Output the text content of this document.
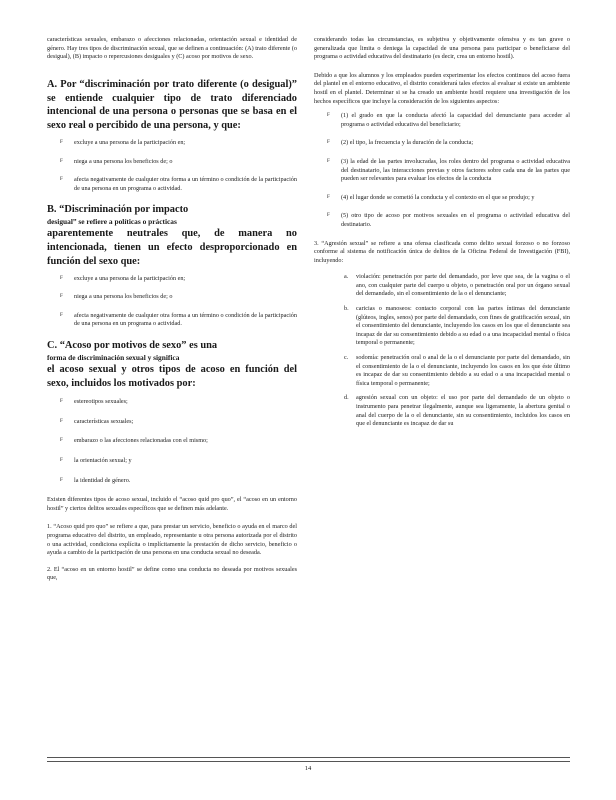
características sexuales, embarazo o afecciones relacionadas, orientación sexual e identidad de género. Hay tres tipos de discriminación sexual, que se definen a continuación: (A) trato diferente (o desigual), (B) impacto o repercusiones desiguales y (C) acoso por motivos de sexo.

A. Por “discriminación por trato diferente (o desigual)” se entiende cualquier tipo de trato diferenciado intencional de una persona o personas que se basa en el sexo real o percibido de una persona, y que:

F excluye a una persona de la participación en;
F niega a una persona los beneficios de; o
F afecta negativamente de cualquier otra forma a un término o condición de la participación de una persona en un programa o actividad.

B. “Discriminación por impacto

desigual” se refiere a políticas o prácticas

aparentemente neutrales que, de manera no intencionada, tienen un efecto desproporcionado en función del sexo que:

F excluye a una persona de la participación en;
F niega a una persona los beneficios de; o
F afecta negativamente de cualquier otra forma a un término o condición de la participación de una persona en un programa o actividad.

C. “Acoso por motivos de sexo” es una

forma de discriminación sexual y significa

el acoso sexual y otros tipos de acoso en función del sexo, incluidos los motivados por:

F estereotipos sexuales;
F características sexuales;
F embarazo o las afecciones relacionadas con el mismo;
F la orientación sexual; y
F la identidad de género.

Existen diferentes tipos de acoso sexual, incluido el “acoso quid pro quo”, el “acoso en un entorno hostil” y ciertos delitos sexuales específicos que se definen más adelante.

1. “Acoso quid pro quo” se refiere a que, para prestar un servicio, beneficio o ayuda en el marco del programa educativo del distrito, un empleado, representante u otra persona autorizada por el distrito o una actividad, condiciona explícita o implícitamente la prestación de dicho servicio, beneficio o ayuda a cambio de la participación de una persona en una conducta sexual no deseada.

2. El “acoso en un entorno hostil” se define como una conducta no deseada por motivos sexuales que,

considerando todas las circunstancias, es subjetiva y objetivamente ofensiva y es tan grave o generalizada que limita o deniega la capacidad de una persona para participar o beneficiarse del programa o actividad educativa del destinatario (es decir, crea un entorno hostil).

Debido a que los alumnos y los empleados pueden experimentar los efectos continuos del acoso fuera del plantel en el entorno educativo, el distrito considerará tales efectos al evaluar si existe un ambiente hostil en el plantel. Determinar si se ha creado un ambiente hostil requiere una investigación de los hechos específicos que incluye la consideración de los siguientes aspectos:

F (1) el grado en que la conducta afectó la capacidad del denunciante para acceder al programa o actividad educativa del beneficiario;
F (2) el tipo, la frecuencia y la duración de la conducta;
F (3) la edad de las partes involucradas, los roles dentro del programa o actividad educativa del destinatario, las interacciones previas y otros factores sobre cada una de las partes que pueden ser relevantes para evaluar los efectos de la conducta
F (4) el lugar donde se cometió la conducta y el contexto en el que se produjo; y
F (5) otro tipo de acoso por motivos sexuales en el programa o actividad educativa del destinatario.

3. “Agresión sexual” se refiere a una ofensa clasificada como delito sexual forzoso o no forzoso conforme al sistema de notificación única de delitos de la Oficina Federal de Investigación (FBI), incluyendo:

a. violación: penetración por parte del demandado, por leve que sea, de la vagina o el ano, con cualquier parte del cuerpo u objeto, o penetración oral por un órgano sexual del demandado, sin el consentimiento de la o el denunciante;
b. caricias o manoseos: contacto corporal con las partes íntimas del denunciante (glúteos, ingles, senos) por parte del demandado, con fines de gratificación sexual, sin el consentimiento del denunciante, incluyendo los casos en los que el denunciante sea incapaz de dar su consentimiento debido a su edad o a una incapacidad mental o física temporal o permanente;
c. sodomía: penetración oral o anal de la o el denunciante por parte del demandado, sin el consentimiento de la o el denunciante, incluyendo los casos en los que éste último es incapaz de dar su consentimiento debido a su edad o a una incapacidad mental o física temporal o permanente;
d. agresión sexual con un objeto: el uso por parte del demandado de un objeto o instrumento para penetrar ilegalmente, aunque sea ligeramente, la abertura genital o anal del cuerpo de la o el denunciante, sin su consentimiento, incluidos los casos en que el denunciante es incapaz de dar su
14
